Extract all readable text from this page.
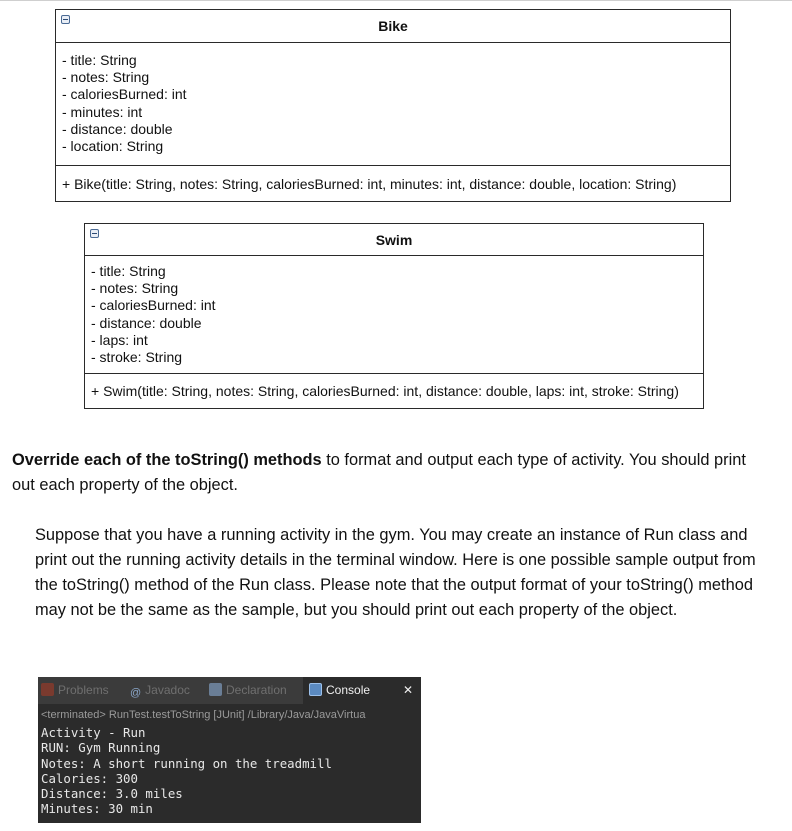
Bike
- title: String
- notes: String
- caloriesBurned: int
- minutes: int
- distance: double
- location: String
+ Bike(title: String, notes: String, caloriesBurned: int, minutes: int, distance: double, location: String)
Swim
- title: String
- notes: String
- caloriesBurned: int
- distance: double
- laps: int
- stroke: String
+ Swim(title: String, notes: String, caloriesBurned: int, distance: double, laps: int, stroke: String)
Override each of the toString() methods to format and output each type of activity. You should print out each property of the object.
Suppose that you have a running activity in the gym. You may create an instance of Run class and print out the running activity details in the terminal window. Here is one possible sample output from the toString() method of the Run class. Please note that the output format of your toString() method may not be the same as the sample, but you should print out each property of the object.
Problems @ Javadoc	Declaration	Console	✕
<terminated> RunTest.testToString [JUnit] /Library/Java/JavaVirtua
Activity - Run
RUN: Gym Running
Notes: A short running on the treadmill
Calories: 300
Distance: 3.0 miles
Minutes: 30 min
